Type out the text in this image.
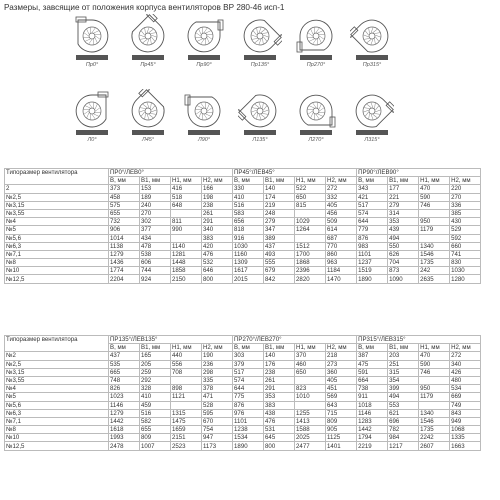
Размеры, завсящие от положения корпуса вентиляторов ВР 280-46 исп-1
Пр0°	Пр45°	Пр90°	Пр135°	Пр270°	Пр315°
Л0°	Л45°	Л90°	Л135°	Л270°	Л315°
Типоразмер вентилятора	ПР0°/ЛЕВ0°				ПР45°/ЛЕВ45°				ПР90°/ЛЕВ90°			
	В, мм	В1, мм	Н1, мм	Н2, мм	В, мм	В1, мм	Н1, мм	Н2, мм	В, мм	В1, мм	Н1, мм	Н2, мм
2	373	153	416	166	330	140	522	272	343	177	470	220
№2,5	458	189	518	198	410	174	650	332	421	221	590	270
№3,15	575	240	648	238	516	219	815	405	517	279	746	336
№3,55	655	270		261	583	248		456	574	314		385
№4	732	302	811	291	656	279	1029	509	644	353	950	430
№5	906	377	990	340	818	347	1264	614	779	439	1179	529
№5,6	1014	434		383	916	389		687	876	494		592
№6,3	1138	478	1140	420	1030	437	1512	770	983	550	1340	660
№7,1	1279	538	1281	476	1160	493	1700	860	1101	626	1546	741
№8	1436	606	1448	532	1309	555	1868	963	1237	704	1735	830
№10	1774	744	1858	646	1617	679	2396	1184	1519	873	242	1030
№12,5	2204	924	2150	800	2015	842	2820	1470	1890	1090	2635	1280
Типоразмер вентилятора	ПР135°/ЛЕВ135°				ПР270°/ЛЕВ270°				ПР315°/ЛЕВ315°			
	В, мм	В1, мм	Н1, мм	Н2, мм	В, мм	В1, мм	Н1, мм	Н2, мм	В, мм	В1, мм	Н1, мм	Н2, мм
№2	437	165	440	190	303	140	370	218	387	203	470	272
№2,5	535	205	556	236	379	176	460	273	475	251	590	340
№3,15	665	259	708	298	517	238	650	360	591	315	746	426
№3,55	748	292		335	574	261		405	664	354		480
№4	826	328	898	378	644	291	823	451	738	399	950	534
№5	1023	410	1121	471	775	353	1010	569	911	494	1179	669
№5,6	1146	459		528	876	383		643	1018	553		749
№6,3	1279	516	1315	595	976	438	1255	715	1146	621	1340	843
№7,1	1442	582	1475	670	1101	476	1413	809	1283	696	1546	949
№8	1618	655	1659	754	1238	531	1588	905	1442	782	1735	1068
№10	1993	809	2151	947	1534	645	2025	1125	1794	984	2242	1335
№12,5	2478	1007	2523	1173	1890	800	2477	1401	2219	1217	2607	1663
